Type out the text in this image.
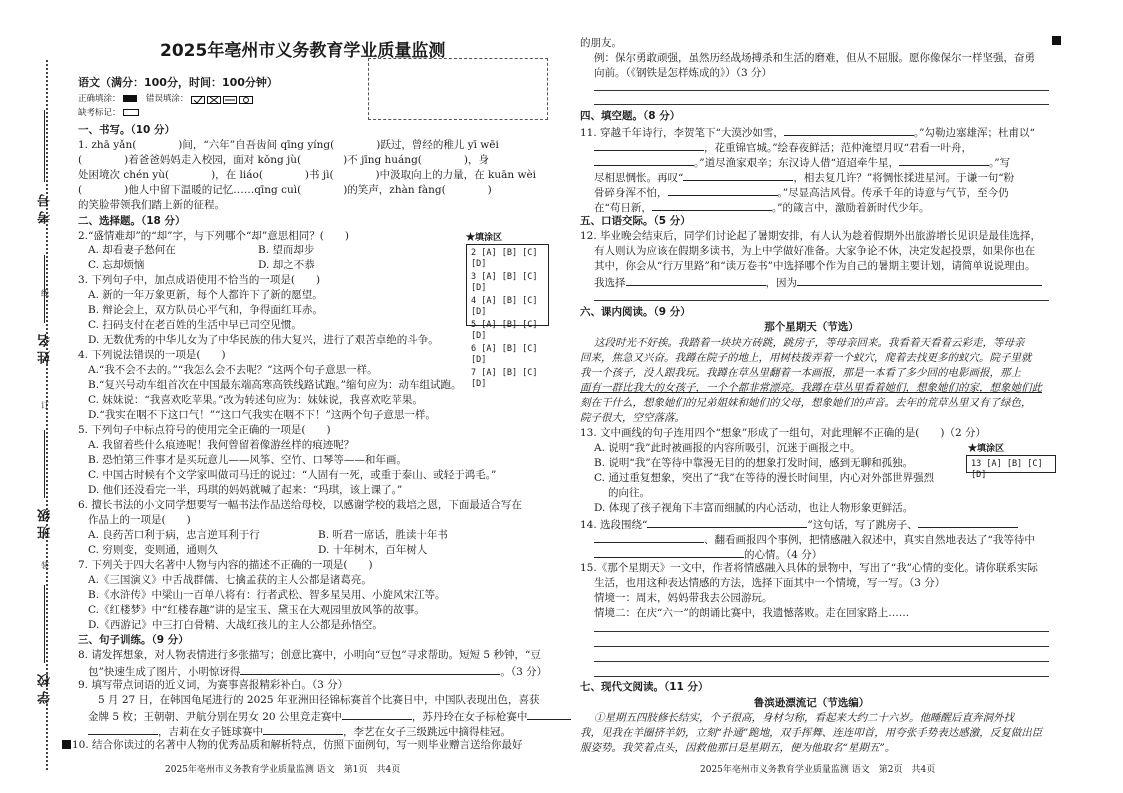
考号
姓名
班级
学校
线
订
装
2025年亳州市义务教育学业质量监测
语文（满分：100分，时间：100分钟）
正确填涂：	错误填涂：
缺考标记：
一、书写。（10 分）
1. zhā yǎn(　　　　)间，“六年”自吾齿间 qīng yíng(　　　　)跃过，曾经的稚儿 yī wēi
(　　　　)着爸爸妈妈走入校园，面对 kǒng jù(　　　　)不 jīng huáng(　　　　)，身
处困境次 chén yù(　　　　)，在 liáo(　　　　)书 jì(　　　　)中汲取向上的力量，在 kuān wèi
(　　　　)他人中留下温暖的记忆……qīng cuì(　　　　)的笑声，zhàn fàng(　　　　)
的笑脸带领我们踏上新的征程。
二、选择题。（18 分）
2.“盛情难却”的“却”字，与下列哪个“却”意思相同？(　　)
A. 却看妻子愁何在	B. 望而却步
C. 忘却烦恼	D. 却之不恭
★填涂区
2 [A] [B] [C] [D]
3 [A] [B] [C] [D]
4 [A] [B] [C] [D]
5 [A] [B] [C] [D]
6 [A] [B] [C] [D]
7 [A] [B] [C] [D]
3. 下列句子中，加点成语使用不恰当的一项是(　　)
A. 新的一年万象更新，每个人都许下了新的愿望。
B. 辩论会上，双方队员心平气和，争得面红耳赤。
C. 扫码支付在老百姓的生活中早已司空见惯。
D. 无数优秀的中华儿女为了中华民族的伟大复兴，进行了艰苦卓绝的斗争。
4. 下列说法错误的一项是(　　)
A.“我不会不去的。”“我怎么会不去呢？”这两个句子意思一样。
B.“复兴号动车组首次在中国最东端高寒高铁线路试跑。”缩句应为：动车组试跑。
C. 妹妹说：“我喜欢吃苹果。”改为转述句应为：妹妹说，我喜欢吃苹果。
D.“我实在咽不下这口气！”“这口气我实在咽不下！”这两个句子意思一样。
5. 下列句子中标点符号的使用完全正确的一项是(　　)
A. 我留着些什么痕迹呢！我何曾留着像游丝样的痕迹呢？
B. 恐怕第三件事才是买玩意儿——风筝、空竹、口琴等——和年画。
C. 中国古时候有个文学家叫做司马迁的说过：“人固有一死，或重于泰山、或轻于鸿毛。”
D. 他们还没看完一半，玛琪的妈妈就喊了起来：“玛琪，该上课了。”
6. 擅长书法的小文同学想要写一幅书法作品送给母校，以感谢学校的栽培之恩，下面最适合写在
作品上的一项是(　　)
A. 良药苦口利于病，忠言逆耳利于行	B. 听君一席话，胜读十年书
C. 穷则变，变则通，通则久	D. 十年树木，百年树人
7. 下列关于四大名著中人物与内容的描述不正确的一项是(　　)
A.《三国演义》中舌战群儒、七擒孟获的主人公都是诸葛亮。
B.《水浒传》中梁山一百单八将有：行者武松、智多星吴用、小旋风宋江等。
C.《红楼梦》中“红楼春趣”讲的是宝玉、黛玉在大观园里放风筝的故事。
D.《西游记》中三打白骨精、大战红孩儿的主人公都是孙悟空。
三、句子训练。（9 分）
8. 请发挥想象，对人物表情进行多张描写；创意比赛中，小明向“豆包”寻求帮助。短短 5 秒钟，“豆
包”快速生成了图片，小明惊讶得	。（3 分）
9. 填写带点词语的近义词，为赛事喜报精彩补白。（3 分）
5 月 27 日，在韩国龟尾进行的 2025 年亚洲田径锦标赛首个比赛日中，中国队表现出色，喜获
金牌 5 枚；王朝朝、尹航分别在男女 20 公里竞走赛中	，苏丹玲在女子标枪赛中
，吉莉在女子链球赛中	，李艺在女子三级跳远中摘得桂冠。
10. 结合你读过的名著中人物的优秀品质和解析特点，仿照下面例句，写一则毕业赠言送给你最好
2025年亳州市义务教育学业质量监测 语文　第1页　共4页
的朋友。
例：保尔勇敢顽强，虽然历经战场搏杀和生活的磨难，但从不屈服。愿你像保尔一样坚强，奋勇
向前。（《钢铁是怎样炼成的》）（3 分）
四、填空题。（8 分）
11. 穿越千年诗行，李贺笔下“大漠沙如雪，	。”勾勒边塞雄浑；杜甫以“
，花重锦官城。”绘春夜鲜活；范仲淹望月叹“君看一叶舟，
。”道尽渔家艰辛；东汉诗人借“迢迢牵牛星，	。”写
尽相思惆怅。再叹“	，相去复几许？”将惆怅揉进星河。于谦一句“粉
骨碎身浑不怕，	。”尽显高洁风骨。传承千年的诗意与气节，至今仍
在“苟日新，	。”的箴言中，激励着新时代少年。
五、口语交际。（5 分）
12. 毕业晚会结束后，同学们讨论起了暑期安排，有人认为趁着假期外出旅游增长见识是最佳选择，
有人则认为应该在假期多读书，为上中学做好准备。大家争论不休，决定发起投票，如果你也在
其中，你会从“行万里路”和“读万卷书”中选择哪个作为自己的暑期主要计划，请简单说说理由。
我选择	，因为
六、课内阅读。（9 分）
那个星期天（节选）
这段时光不好挨。我踏着一块块方砖跳，跳房子，等母亲回来。我看着天看着云彩走，等母亲
回来，焦急又兴奋。我蹲在院子的地上，用树枝拨弄着一个蚁穴，爬着去找更多的蚁穴。院子里就
我一个孩子，没人跟我玩。我蹲在草丛里翻着一本画报，那是一本看了多少回的电影画报，那上
面有一群比我大的女孩子，一个个都非常漂亮。我蹲在草丛里看着她们，想象她们的家，想象她们此
刻在干什么，想象她们的兄弟姐妹和她们的父母，想象她们的声音。去年的荒草丛里又有了绿色，
院子很大，空空落落。
13. 文中画线的句子连用四个“想象”形成了一组句，对此理解不正确的是(　　)（2 分）
A. 说明“我”此时被画报的内容所吸引，沉迷于画报之中。	★填涂区
13 [A] [B] [C] [D]
B. 说明“我”在等待中靠漫无目的的想象打发时间，感到无聊和孤独。
C. 通过重复想象，突出了“我”在等待的漫长时间里，内心对外部世界强烈
的向往。
D. 体现了孩子视角下丰富而细腻的内心活动，也让人物形象更鲜活。
14. 选段围绕“	”这句话，写了跳房子、
、翻看画报四个事例，把情感融入叙述中，真实自然地表达了“我等待中
的心情。（4 分）
15.《那个星期天》一文中，作者将情感融入具体的景物中，写出了“我”心情的变化。请你联系实际
生活，也用这种表达情感的方法，选择下面其中一个情境，写一写。（3 分）
情境一：周末，妈妈带我去公园游玩。
情境二：在庆“六一”的朗诵比赛中，我遗憾落败。走在回家路上……
七、现代文阅读。（11 分）
鲁滨逊漂流记（节选编）
①星期五四肢修长结实，个子很高，身材匀称，看起来大约二十六岁。他睡醒后直奔洞外找
我，见我在羊圈挤羊奶，立刻“扑通”跪地，双手挥舞、连连叩首，用夸张手势表达感激，反复做出臣
服姿势。我笑着点头，因救他那日是星期五，便为他取名“星期五”。
2025年亳州市义务教育学业质量监测 语文　第2页　共4页
